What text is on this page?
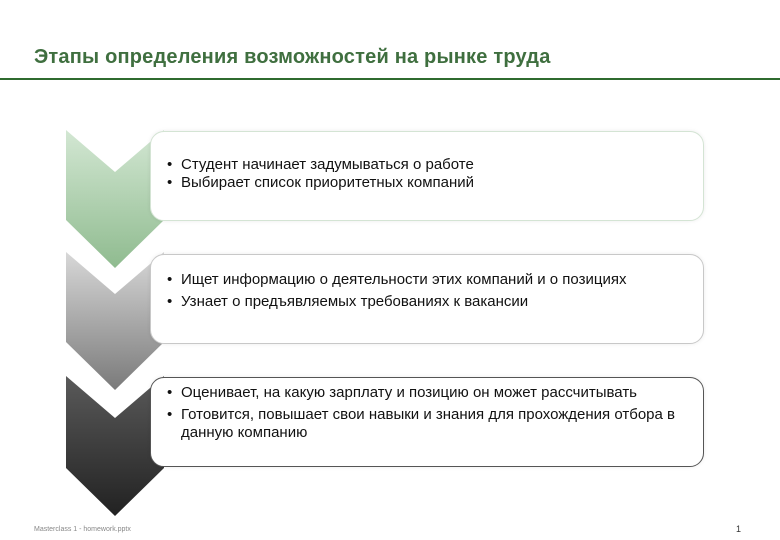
Этапы определения возможностей на рынке труда
• Студент начинает задумываться о работе
• Выбирает список приоритетных компаний
• Ищет информацию о деятельности этих компаний и о позициях
• Узнает о предъявляемых требованиях к вакансии
• Оценивает, на какую зарплату и позицию он может рассчитывать
• Готовится, повышает свои навыки и знания для прохождения отбора в данную компанию
Masterclass 1 - homework.pptx	1
